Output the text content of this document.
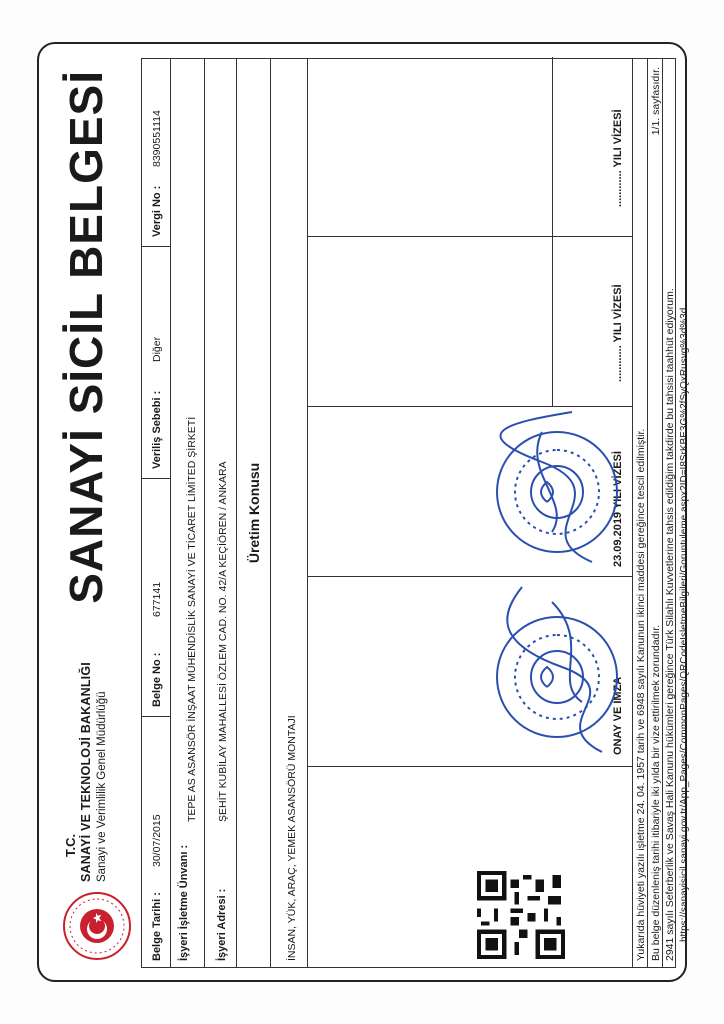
T.C. SANAYİ VE TEKNOLOJİ BAKANLIĞI Sanayi ve Verimlilik Genel Müdürlüğü
SANAYİ SİCİL BELGESİ
Belge Tarihi :
30/07/2015
Belge No :
677141
Veriliş Sebebi :
Diğer
Vergi No :
8390551114
İşyeri İşletme Ünvanı :
TEPE AS ASANSÖR İNŞAAT MÜHENDİSLİK SANAYİ VE TİCARET LİMİTED ŞİRKETİ
İşyeri Adresi :
ŞEHİT KUBİLAY MAHALLESİ ÖZLEM CAD. NO. 42/A KEÇİÖREN / ANKARA Üretim Konusu
İNSAN, YÜK, ARAÇ, YEMEK ASANSÖRÜ MONTAJI	ONAY VE İMZA
23.09.2019 YILI VİZESİ
............ YILI VİZESİ
............ YILI VİZESİ
Yukarıda hüviyeti yazılı işletme 24. 04. 1957 tarih ve 6948 sayılı Kanunun ikinci maddesi gereğince tescil edilmiştir. Bu belge düzenleniş tarihi itibariyle iki yılda bir vize ettirilmek zorundadır.
1/1. sayfasıdır.
2941 sayılı Seferberlik ve Savaş Hali Kanunu hükümleri gereğince Türk Silahlı Kuvvetlerine tahsis edildiğim takdirde bu tahsisi taahhüt ediyorum. https://sanayisicil.sanayi.gov.tr/App_Pages/CommonPages/QRCodeIsletmeBilgileri/Goruntuleme.aspx?ID=I8SrKBE3G%2fSyQxRusvg%3d%3d
